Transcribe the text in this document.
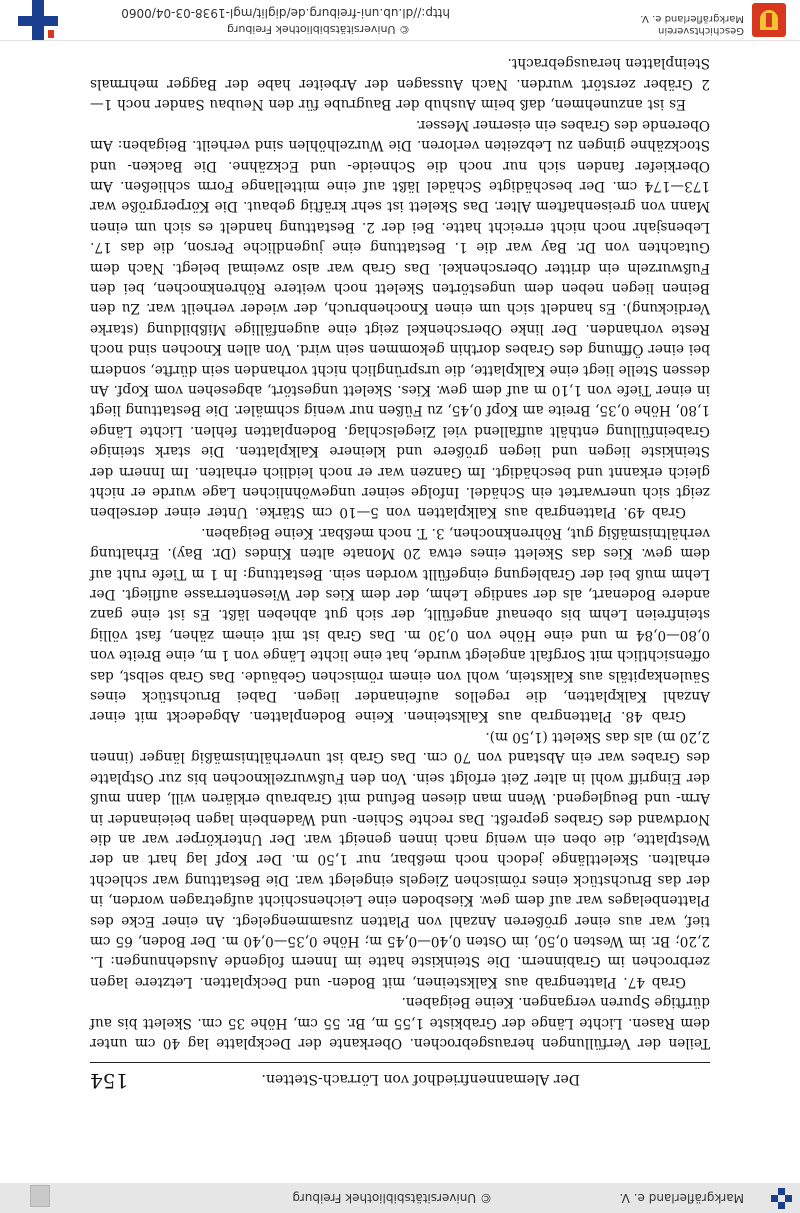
Markgräflerland e. V.
© Universitätsbibliothek Freiburg
Der Alemannenfriedhof von Lörrach-Stetten.
154

Teilen der Verfüllungen herausgebrochen. Oberkante der Deckplatte lag 40 cm unter dem Rasen. Lichte Länge der Grabkiste 1,55 m, Br. 55 cm, Höhe 35 cm. Skelett bis auf dürftige Spuren vergangen. Keine Beigaben.

Grab 47. Plattengrab aus Kalksteinen, mit Boden- und Deckplatten. Letztere lagen zerbrochen im Grabinnern. Die Steinkiste hatte im Innern folgende Ausdehnungen: L. 2,20; Br. im Westen 0,50, im Osten 0,40—0,45 m; Höhe 0,35—0,40 m. Der Boden, 65 cm tief, war aus einer größeren Anzahl von Platten zusammengelegt. An einer Ecke des Plattenbelages war auf dem gew. Kiesboden eine Leichenschicht aufgetragen worden, in der das Bruchstück eines römischen Ziegels eingelegt war. Die Bestattung war schlecht erhalten. Skelettlänge jedoch noch meßbar, nur 1,50 m. Der Kopf lag hart an der Westplatte, die oben ein wenig nach innen geneigt war. Der Unterkörper war an die Nordwand des Grabes gepreßt. Das rechte Schien- und Wadenbein lagen beieinander in Arm- und Beuglegend. Wenn man diesen Befund mit Grabraub erklären will, dann muß der Eingriff wohl in alter Zeit erfolgt sein. Von den Fußwurzelknochen bis zur Ostplatte des Grabes war ein Abstand von 70 cm. Das Grab ist unverhältnismäßig länger (innen 2,20 m) als das Skelett (1,50 m).

Grab 48. Plattengrab aus Kalksteinen. Keine Bodenplatten. Abgedeckt mit einer Anzahl Kalkplatten, die regellos aufeinander liegen. Dabei Bruchstück eines Säulenkapitäls aus Kalkstein, wohl von einem römischen Gebäude. Das Grab selbst, das offensichtlich mit Sorgfalt angelegt wurde, hat eine lichte Länge von 1 m, eine Breite von 0,80—0,84 m und eine Höhe von 0,30 m. Das Grab ist mit einem zähen, fast völlig steinfreien Lehm bis obenauf angefüllt, der sich gut abheben läßt. Es ist eine ganz andere Bodenart, als der sandige Lehm, der dem Kies der Wiesenterrasse aufliegt. Der Lehm muß bei der Grablegung eingefüllt worden sein. Bestattung: In 1 m Tiefe ruht auf dem gew. Kies das Skelett eines etwa 20 Monate alten Kindes (Dr. Bay). Erhaltung verhältnismäßig gut, Röhrenknochen, 3. T. noch meßbar. Keine Beigaben.

Grab 49. Plattengrab aus Kalkplatten von 5—10 cm Stärke. Unter einer derselben zeigt sich unerwartet ein Schädel. Infolge seiner ungewöhnlichen Lage wurde er nicht gleich erkannt und beschädigt. Im Ganzen war er noch leidlich erhalten. Im Innern der Steinkiste liegen und liegen größere und kleinere Kalkplatten. Die stark steinige Grabeinfüllung enthält auffallend viel Ziegelschlag. Bodenplatten fehlen. Lichte Länge 1,80, Höhe 0,35, Breite am Kopf 0,45, zu Füßen nur wenig schmäler. Die Bestattung liegt in einer Tiefe von 1,10 m auf dem gew. Kies. Skelett ungestört, abgesehen vom Kopf. An dessen Stelle liegt eine Kalkplatte, die ursprünglich nicht vorhanden sein dürfte, sondern bei einer Öffnung des Grabes dorthin gekommen sein wird. Von allen Knochen sind noch Reste vorhanden. Der linke Oberschenkel zeigt eine augenfällige Mißbildung (starke Verdickung). Es handelt sich um einen Knochenbruch, der wieder verheilt war. Zu den Beinen liegen neben dem ungestörten Skelett noch weitere Röhrenknochen, bei den Fußwurzeln ein dritter Oberschenkel. Das Grab war also zweimal belegt. Nach dem Gutachten von Dr. Bay war die 1. Bestattung eine jugendliche Person, die das 17. Lebensjahr noch nicht erreicht hatte. Bei der 2. Bestattung handelt es sich um einen Mann von greisenhaftem Alter. Das Skelett ist sehr kräftig gebaut. Die Körpergröße war 173—174 cm. Der beschädigte Schädel läßt auf eine mittellange Form schließen. Am Oberkiefer fanden sich nur noch die Schneide- und Eckzähne. Die Backen- und Stockzähne gingen zu Lebzeiten verloren. Die Wurzelhöhlen sind verheilt. Beigaben: Am Oberende des Grabes ein eiserner Messer.

Es ist anzunehmen, daß beim Aushub der Baugrube für den Neubau Sander noch 1—2 Gräber zerstört wurden. Nach Aussagen der Arbeiter habe der Bagger mehrmals Steinplatten herausgebracht.

Geschichtsverein Markgräflerland e. V.
© Universitätsbibliothek Freiburg
http://dl.ub.uni-freiburg.de/diglit/mgl-1938-03-04/0060
